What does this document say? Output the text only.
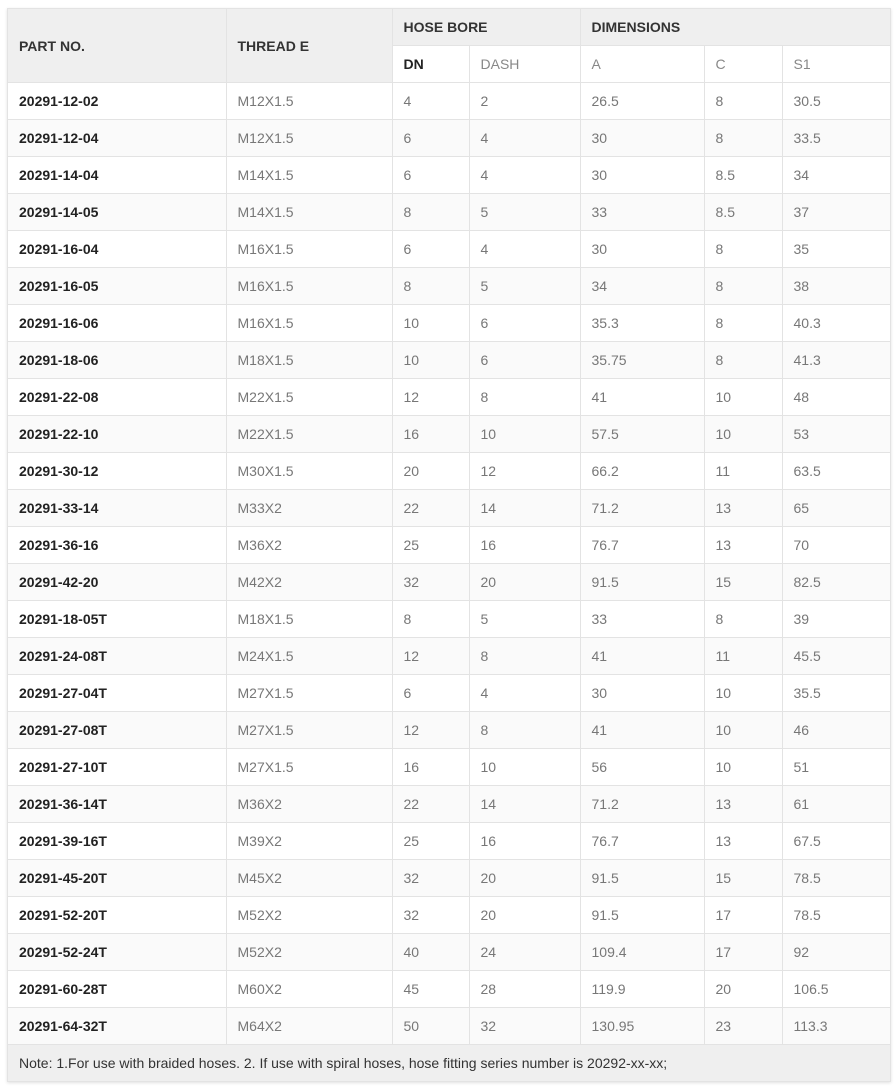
PART NO.	THREAD E	HOSE BORE		DIMENSIONS		
		DN	DASH	A	C	S1
20291-12-02	M12X1.5	4	2	26.5	8	30.5
20291-12-04	M12X1.5	6	4	30	8	33.5
20291-14-04	M14X1.5	6	4	30	8.5	34
20291-14-05	M14X1.5	8	5	33	8.5	37
20291-16-04	M16X1.5	6	4	30	8	35
20291-16-05	M16X1.5	8	5	34	8	38
20291-16-06	M16X1.5	10	6	35.3	8	40.3
20291-18-06	M18X1.5	10	6	35.75	8	41.3
20291-22-08	M22X1.5	12	8	41	10	48
20291-22-10	M22X1.5	16	10	57.5	10	53
20291-30-12	M30X1.5	20	12	66.2	11	63.5
20291-33-14	M33X2	22	14	71.2	13	65
20291-36-16	M36X2	25	16	76.7	13	70
20291-42-20	M42X2	32	20	91.5	15	82.5
20291-18-05T	M18X1.5	8	5	33	8	39
20291-24-08T	M24X1.5	12	8	41	11	45.5
20291-27-04T	M27X1.5	6	4	30	10	35.5
20291-27-08T	M27X1.5	12	8	41	10	46
20291-27-10T	M27X1.5	16	10	56	10	51
20291-36-14T	M36X2	22	14	71.2	13	61
20291-39-16T	M39X2	25	16	76.7	13	67.5
20291-45-20T	M45X2	32	20	91.5	15	78.5
20291-52-20T	M52X2	32	20	91.5	17	78.5
20291-52-24T	M52X2	40	24	109.4	17	92
20291-60-28T	M60X2	45	28	119.9	20	106.5
20291-64-32T	M64X2	50	32	130.95	23	113.3
Note: 1.For use with braided hoses. 2. If use with spiral hoses, hose fitting series number is 20292-xx-xx;
